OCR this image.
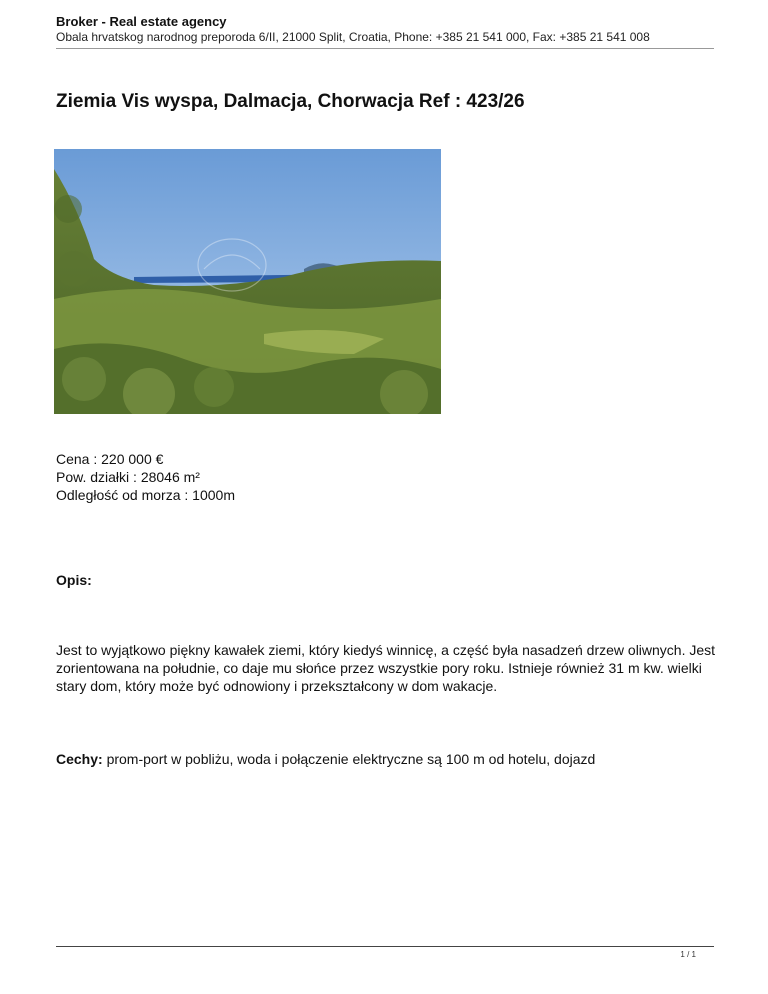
Broker - Real estate agency
Obala hrvatskog narodnog preporoda 6/II, 21000 Split, Croatia, Phone: +385 21 541 000, Fax: +385 21 541 008
Ziemia Vis wyspa, Dalmacja, Chorwacja Ref : 423/26
Cena : 220 000 €
Pow. działki : 28046 m²
Odległość od morza : 1000m
Opis:
Jest to wyjątkowo piękny kawałek ziemi, który kiedyś winnicę, a część była nasadzeń drzew oliwnych. Jest zorientowana na południe, co daje mu słońce przez wszystkie pory roku. Istnieje również 31 m kw. wielki stary dom, który może być odnowiony i przekształcony w dom wakacje.
Cechy: prom-port w pobliżu, woda i połączenie elektryczne są 100 m od hotelu, dojazd
1 / 1
